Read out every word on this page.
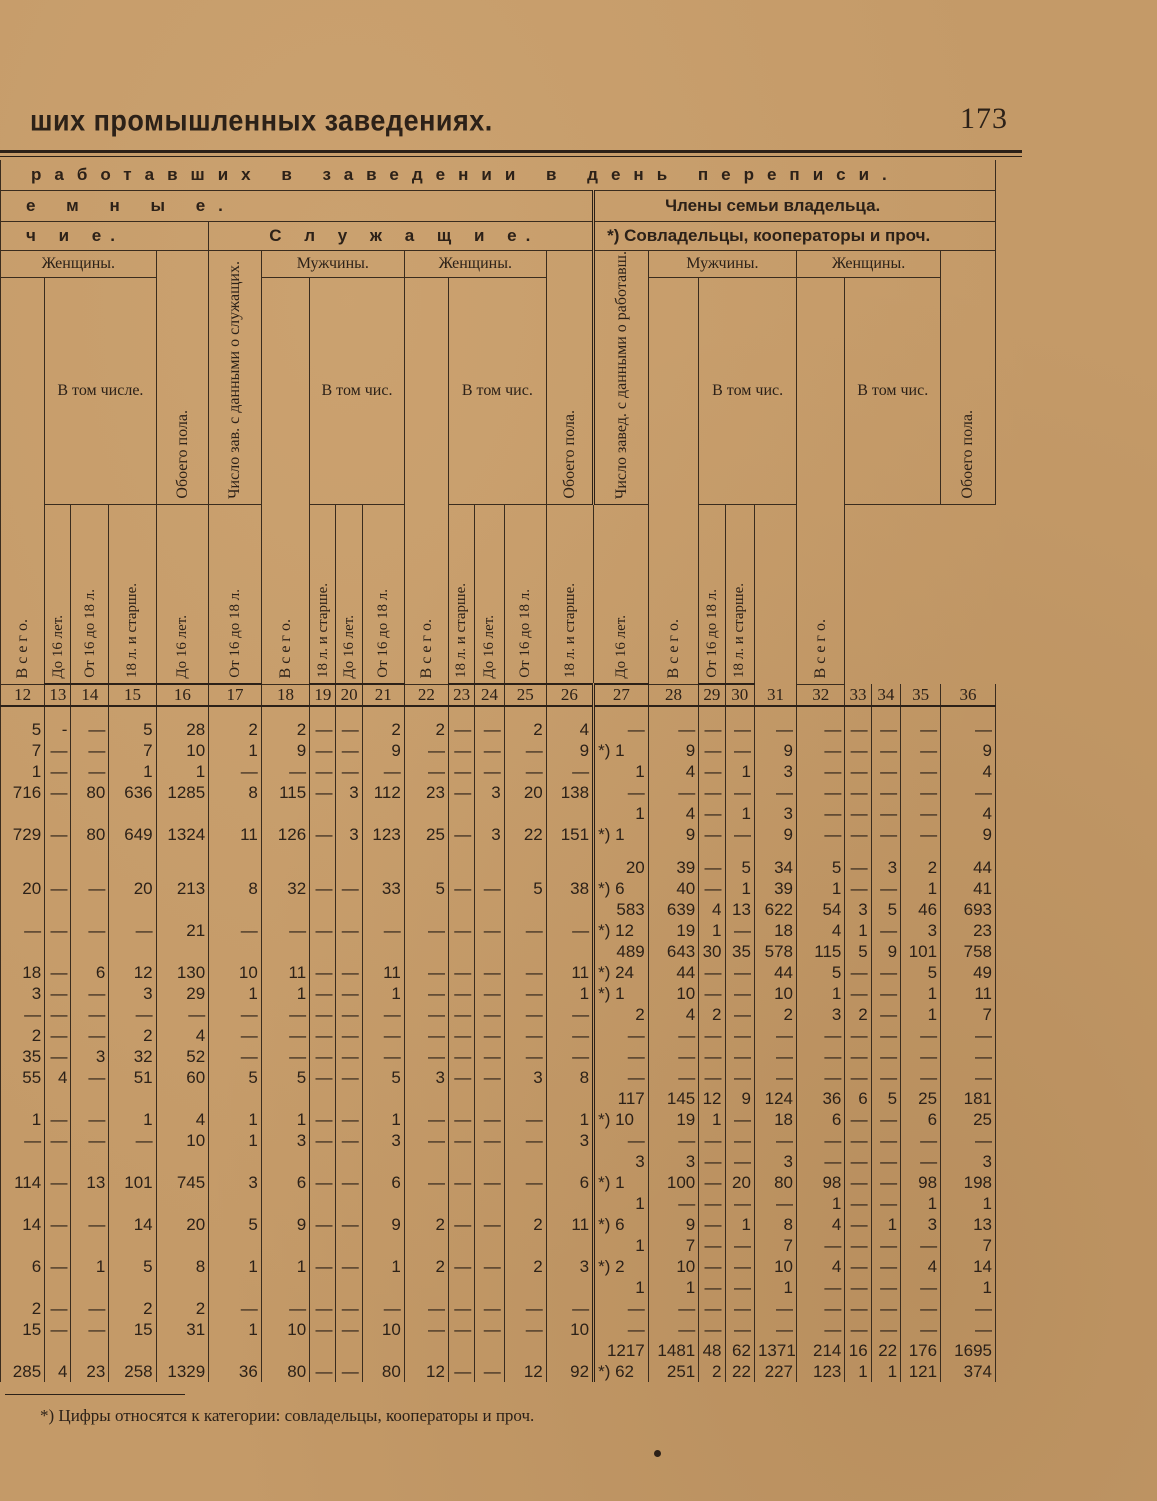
ших промышленных заведениях.	173
работавших в заведении в день переписи.																								
е м н ы е.															Члены семьи владельца.									
ч и е.					С л у ж а щ и е.										*) Совладельцы, кооператоры и проч.									
Женщины.				Обоего пола.	Число зав. с данными о служащих.	Мужчины.				Женщины.				Обоего пола.	Число завед. с данными о работавш.	Мужчины.				Женщины.				Обоего пола.
В с е г о.	В том числе.					В с е г о.	В том чис.			В с е г о.	В том чис.					В с е г о.	В том чис.			В с е г о.	В том чис.			
	До 16 лет.	От 16 до 18 л.	18 л. и старше.	До 16 лет.	От 16 до 18 л.		18 л. и старше.	До 16 лет.	От 16 до 18 л.		18 л. и старше.	До 16 лет.	От 16 до 18 л.	18 л. и старше.	До 16 лет.		От 16 до 18 л.	18 л. и старше.						
12	13	14	15	16	17	18	19	20	21	22	23	24	25	26	27	28	29	30	31	32	33	34	35	36

5	-	—	5	28	2	2	—	—	2	2	—	—	2	4	—	—	—	—	—	—	—	—	—	—
7	—	—	7	10	1	9	—	—	9	—	—	—	—	9	*) 1	9	—	—	9	—	—	—	—	9
1	—	—	1	1	—	—	—	—	—	—	—	—	—	—	1	4	—	1	3	—	—	—	—	4
716	—	80	636	1285	8	115	—	3	112	23	—	3	20	138	—	—	—	—	—	—	—	—	—	—
															1	4	—	1	3	—	—	—	—	4
729	—	80	649	1324	11	126	—	3	123	25	—	3	22	151	*) 1	9	—	—	9	—	—	—	—	9

															20	39	—	5	34	5	—	3	2	44
20	—	—	20	213	8	32	—	—	33	5	—	—	5	38	*) 6	40	—	1	39	1	—	—	1	41
															583	639	4	13	622	54	3	5	46	693
—	—	—	—	21	—	—	—	—	—	—	—	—	—	—	*) 12	19	1	—	18	4	1	—	3	23
															489	643	30	35	578	115	5	9	101	758
18	—	6	12	130	10	11	—	—	11	—	—	—	—	11	*) 24	44	—	—	44	5	—	—	5	49
3	—	—	3	29	1	1	—	—	1	—	—	—	—	1	*) 1	10	—	—	10	1	—	—	1	11
—	—	—	—	—	—	—	—	—	—	—	—	—	—	—	2	4	2	—	2	3	2	—	1	7
2	—	—	2	4	—	—	—	—	—	—	—	—	—	—	—	—	—	—	—	—	—	—	—	—
35	—	3	32	52	—	—	—	—	—	—	—	—	—	—	—	—	—	—	—	—	—	—	—	—
55	4	—	51	60	5	5	—	—	5	3	—	—	3	8	—	—	—	—	—	—	—	—	—	—
															117	145	12	9	124	36	6	5	25	181
1	—	—	1	4	1	1	—	—	1	—	—	—	—	1	*) 10	19	1	—	18	6	—	—	6	25
—	—	—	—	10	1	3	—	—	3	—	—	—	—	3	—	—	—	—	—	—	—	—	—	—
															3	3	—	—	3	—	—	—	—	3
114	—	13	101	745	3	6	—	—	6	—	—	—	—	6	*) 1	100	—	20	80	98	—	—	98	198
															1	—	—	—	—	1	—	—	1	1
14	—	—	14	20	5	9	—	—	9	2	—	—	2	11	*) 6	9	—	1	8	4	—	1	3	13
															1	7	—	—	7	—	—	—	—	7
6	—	1	5	8	1	1	—	—	1	2	—	—	2	3	*) 2	10	—	—	10	4	—	—	4	14
															1	1	—	—	1	—	—	—	—	1
2	—	—	2	2	—	—	—	—	—	—	—	—	—	—	—	—	—	—	—	—	—	—	—	—
15	—	—	15	31	1	10	—	—	10	—	—	—	—	10	—	—	—	—	—	—	—	—	—	—
															1217	1481	48	62	1371	214	16	22	176	1695
285	4	23	258	1329	36	80	—	—	80	12	—	—	12	92	*) 62	251	2	22	227	123	1	1	121	374
*) Цифры относятся к категории: совладельцы, кооператоры и проч.
